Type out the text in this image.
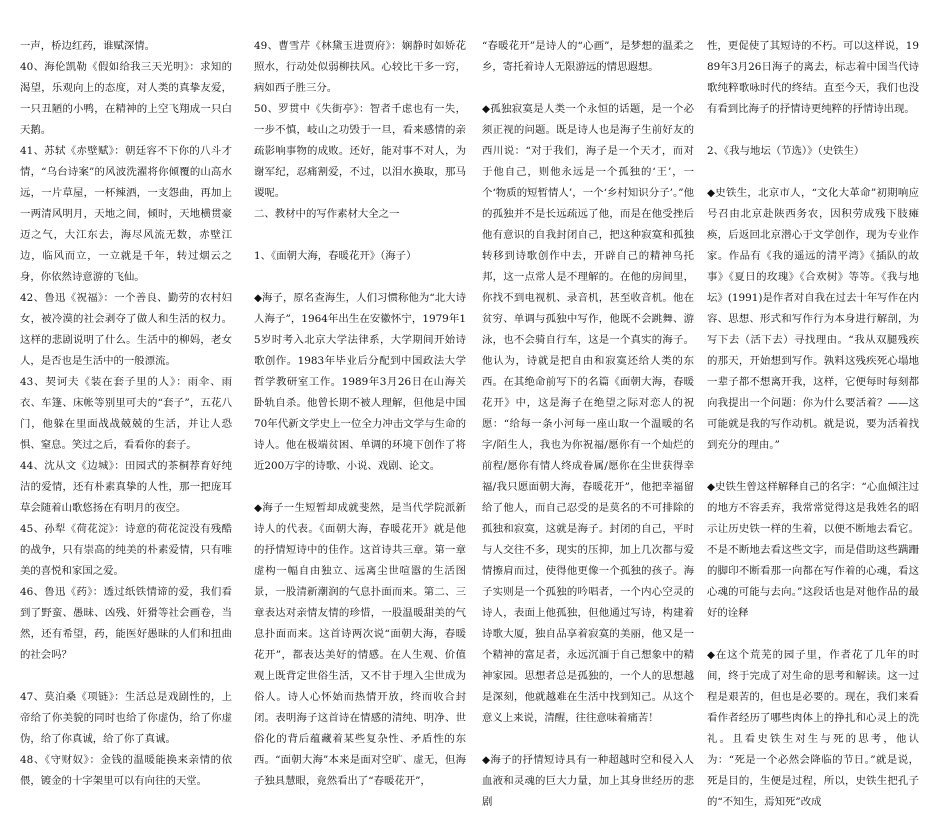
一声，桥边红药，谁赋深情。

40、海伦凯勒《假如给我三天光明》：求知的渴望，乐观向上的态度，对人类的真挚友爱，一只丑陋的小鸭，在精神的上空飞翔成一只白天鹅。

41、苏轼《赤壁赋》：朝廷容不下你的八斗才情，“乌台诗案”的风波洗濯将你倾覆的山高水远，一片草屋，一杯辣酒，一支怨曲，再加上一两清风明月，天地之间，倾时，天地横贯豪迈之气，大江东去，海尽风流无数，赤壁江边，临风而立，一立就是千年，转过烟云之身，你依然诗意游的飞仙。

42、鲁迅《祝福》：一个善良、勤劳的农村妇女，被冷漠的社会剥夺了做人和生活的权力。这样的悲剧说明了什么。生活中的柳妈，老女人，是否也是生活中的一般漂流。

43、契诃夫《装在套子里的人》：雨伞、雨衣、车篷、床帐等别里可夫的“套子”，五花八门，他躲在里面战战兢兢的生活，并让人恐惧、窒息。笑过之后，看看你的套子。

44、沈从文《边城》：田园式的茶桐荐育好纯洁的爱情，还有朴素真挚的人性，那一把庞耳草会随着山歌悠扬在有明月的夜空。

45、孙犁《荷花淀》：诗意的荷花淀没有残酷的战争，只有崇高的纯美的朴素爱情，只有唯美的喜悦和家国之爱。

46、鲁迅《药》：透过纸铁情谛的爱，我们看到了野蛮、愚昧、凶残、奸猾等社会画卷，当然，还有希望，药，能医好愚昧的人们和扭曲的社会吗？

47、莫泊桑《项链》：生活总是戏剧性的，上帝给了你美貌的同时也给了你虚伪，给了你虚伪，给了你真诚，给了你了真诚。

48、《守财奴》：金钱的温暖能换来亲情的依偎，镀金的十字架里可以有向往的天堂。

49、曹雪芹《林黛玉进贾府》：娴静时如娇花照水，行动处似弱柳扶风。心较比干多一窍，病如西子胜三分。

50、罗贯中《失街亭》：智者千虑也有一失，一步不慎，岐山之功毁于一旦，看来感情的亲疏影响事物的成败。还好，能对事不对人，为谢军纪，忍痛割爱，不过，以泪水换取，那马谡呢。

二、教材中的写作素材大全之一

1、《面朝大海，春暖花开》（海子）

◆海子，原名查海生，人们习惯称他为“北大诗人海子”，1964年出生在安徽怀宁，1979年15岁时考入北京大学法律系，大学期间开始诗歌创作。1983年毕业后分配到中国政法大学哲学教研室工作。1989年3月26日在山海关卧轨自杀。他曾长期不被人理解，但他是中国70年代新文学史上一位全力冲击文学与生命的诗人。他在极端贫困、单调的环境下创作了将近200万字的诗歌、小说、戏剧、论文。

◆海子一生短暂却成就斐然，是当代学院派新诗人的代表。《面朝大海，春暖花开》就是他的抒情短诗中的佳作。这首诗共三章。第一章虚构一幅自由独立、远离尘世喧嚣的生活图景，一股清新潮润的气息扑面而来。第二、三章表达对亲情友情的珍惜，一股温暖甜美的气息扑面而来。这首诗两次说“面朝大海，春暖花开”，都表达美好的情感。在人生观、价值观上既背定世俗生活，又不甘于埋入尘世成为俗人。诗人心怀始而热情开放，终而收合封闭。表明海子这首诗在情感的清纯、明净、世俗化的背后蕴藏着某些复杂性、矛盾性的东西。“面朝大海”本来是面对空旷、虚无，但海子独具慧眼，竟然看出了“春暖花开”，

“春暖花开”是诗人的“心画”，是梦想的温柔之乡，寄托着诗人无限游远的情思遐想。

◆孤独寂寞是人类一个永恒的话题，是一个必须正视的问题。既是诗人也是海子生前好友的西川说：“对于我们，海子是一个天才，而对于他自己，则他永远是一个孤独的‘王’，一个‘物质的短暂情人’，一个‘乡村知识分子’。”他的孤独并不是长远疏远了他，而是在他受挫后他有意识的自我封闭自己，把这种寂寞和孤独转移到诗歌创作中去，开辟自己的精神乌托邦，这一点常人是不理解的。在他的房间里，你找不到电视机、录音机，甚至收音机。他在贫穷、单调与孤独中写作，他既不会跳舞、游泳，也不会骑自行车，这是一个真实的海子。他认为，诗就是把自由和寂寞还给人类的东西。在其绝命前写下的名篇《面朝大海，春暖花开》中，这是海子在绝望之际对恋人的祝愿：“给每一条小河每一座山取一个温暖的名字/陌生人，我也为你祝福/愿你有一个灿烂的前程/愿你有情人终成眷属/愿你在尘世获得幸福/我只愿面朝大海，春暖花开”，他把幸福留给了他人，而自己忍受的是莫名的不可排除的孤独和寂寞，这就是海子。封闭的自己，平时与人交往不多，现实的压抑，加上几次都与爱情擦肩而过，使得他更像一个孤独的孩子。海子实则是一个孤独的吟唱者，一个内心空灵的诗人，表面上他孤独，但他通过写诗，构建着诗歌大厦，独自品享着寂寞的美丽，他又是一个精神的富足者，永远沉湎于自己想象中的精神家园。思想者总是孤独的，一个人的思想越是深刻，他就越难在生活中找到知己。从这个意义上来说，清醒，往往意味着痛苦！

◆海子的抒情短诗具有一种超越时空和侵入人血液和灵魂的巨大力量，加上其身世经历的悲剧

性，更促使了其短诗的不朽。可以这样说，1989年3月26日海子的离去，标志着中国当代诗歌纯粹歌咏时代的终结。直至今天，我们也没有看到比海子的抒情诗更纯粹的抒情诗出现。

2、《我与地坛（节选）》（史铁生）

◆史铁生，北京市人，“文化大革命”初期响应号召由北京赴陕西务农，因积劳成残下肢瘫痪，后返回北京潜心于文学创作，现为专业作家。作品有《我的遥远的清平湾》《插队的故事》《夏日的玫瑰》《合欢树》等等。《我与地坛》(1991)是作者对自我在过去十年写作在内容、思想、形式和写作行为本身进行解剖，为写下去（活下去）寻找理由。“我从双腿残疾的那天，开始想到写作。孰料这残疾死心塌地一辈子都不想离开我，这样，它便每时每刻都向我提出一个问题：你为什么要活着？——这可能就是我的写作动机。就是说，要为活着找到充分的理由。”

◆史铁生曾这样解释自己的名字：“心血倾注过的地方不容丢弃，我常常觉得这是我姓名的昭示让历史铁一样的生着，以便不断地去看它。不是不断地去看这些文字，而是借助这些蹒跚的脚印不断看那一向都在写作着的心魂，看这心魂的可能与去向。”这段话也是对他作品的最好的诠释

◆在这个荒芜的园子里，作者花了几年的时间，终于完成了对生命的思考和解读。这一过程是艰苦的，但也是必要的。现在，我们来看看作者经历了哪些肉体上的挣扎和心灵上的洗礼。且看史铁生对生与死的思考，他认为：“死是一个必然会降临的节日。”就是说，死是目的，生便是过程，所以，史铁生把孔子的“不知生，焉知死”改成
